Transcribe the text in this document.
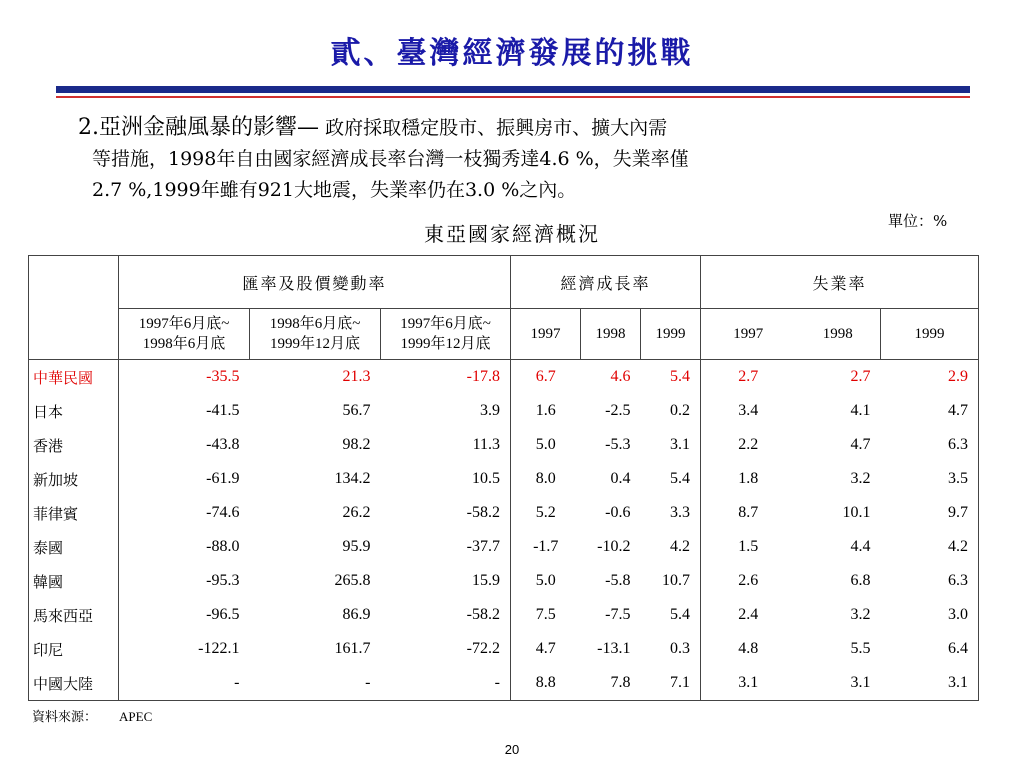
貳、臺灣經濟發展的挑戰
2.亞洲金融風暴的影響— 政府採取穩定股市、振興房市、擴大內需
等措施，1998年自由國家經濟成長率台灣一枝獨秀達4.6 %，失業率僅
2.7 %,1999年雖有921大地震，失業率仍在3.0 %之內。
單位：%
東亞國家經濟概況
	匯率及股價變動率			經濟成長率			失業率		
	1997年6月底~
1998年6月底	1998年6月底~
1999年12月底	1997年6月底~
1999年12月底	1997	1998	1999	1997	1998	1999
中華民國	-35.5	21.3	-17.8	6.7	4.6	5.4	2.7	2.7	2.9
日本	-41.5	56.7	3.9	1.6	-2.5	0.2	3.4	4.1	4.7
香港	-43.8	98.2	11.3	5.0	-5.3	3.1	2.2	4.7	6.3
新加坡	-61.9	134.2	10.5	8.0	0.4	5.4	1.8	3.2	3.5
菲律賓	-74.6	26.2	-58.2	5.2	-0.6	3.3	8.7	10.1	9.7
泰國	-88.0	95.9	-37.7	-1.7	-10.2	4.2	1.5	4.4	4.2
韓國	-95.3	265.8	15.9	5.0	-5.8	10.7	2.6	6.8	6.3
馬來西亞	-96.5	86.9	-58.2	7.5	-7.5	5.4	2.4	3.2	3.0
印尼	-122.1	161.7	-72.2	4.7	-13.1	0.3	4.8	5.5	6.4
中國大陸	-	-	-	8.8	7.8	7.1	3.1	3.1	3.1
資料來源： APEC
20
